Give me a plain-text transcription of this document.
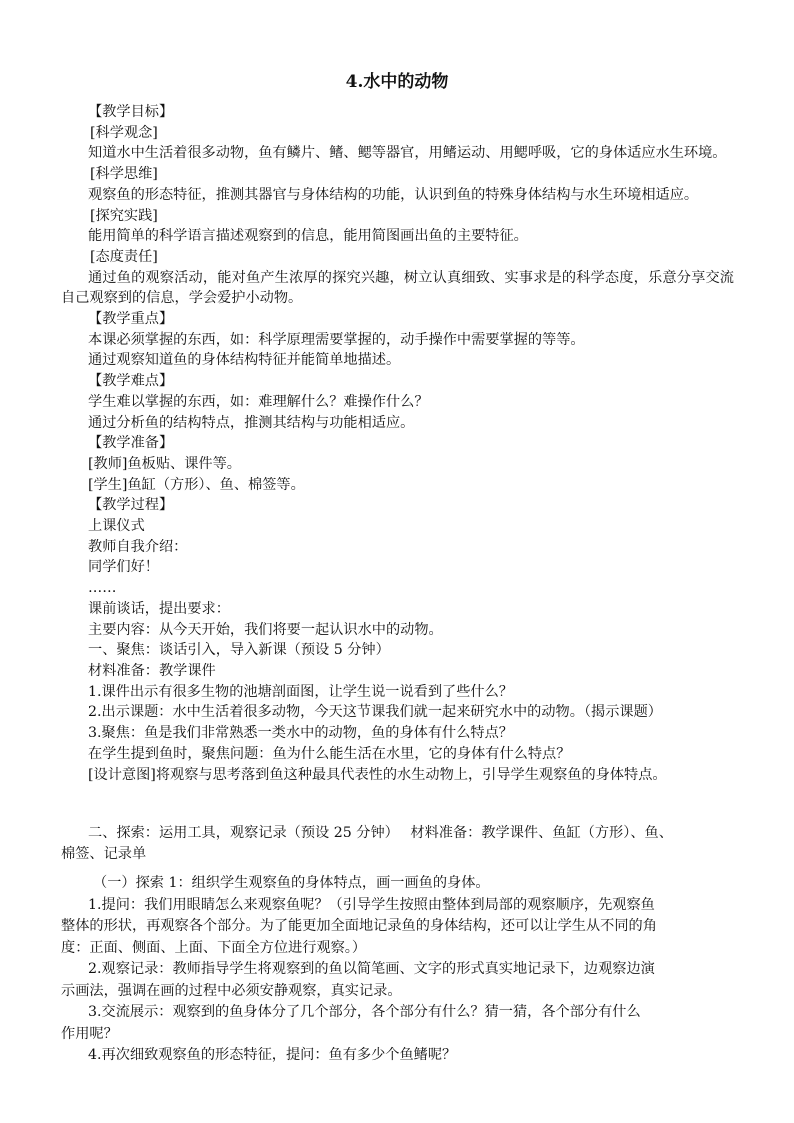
4.水中的动物

【教学目标】

[科学观念]

知道水中生活着很多动物，鱼有鳞片、鳍、鳃等器官，用鳍运动、用鳃呼吸，它的身体适应水生环境。

[科学思维]

观察鱼的形态特征，推测其器官与身体结构的功能，认识到鱼的特殊身体结构与水生环境相适应。

[探究实践]

能用简单的科学语言描述观察到的信息，能用简图画出鱼的主要特征。

[态度责任]

通过鱼的观察活动，能对鱼产生浓厚的探究兴趣，树立认真细致、实事求是的科学态度，乐意分享交流自己观察到的信息，学会爱护小动物。

【教学重点】

本课必须掌握的东西，如：科学原理需要掌握的，动手操作中需要掌握的等等。

通过观察知道鱼的身体结构特征并能简单地描述。

【教学难点】

学生难以掌握的东西，如：难理解什么？难操作什么？

通过分析鱼的结构特点，推测其结构与功能相适应。

【教学准备】

[教师]鱼板贴、课件等。

[学生]鱼缸（方形）、鱼、棉签等。

【教学过程】

上课仪式

教师自我介绍：

同学们好！

……

课前谈话，提出要求：

主要内容：从今天开始，我们将要一起认识水中的动物。

一、聚焦：谈话引入，导入新课（预设 5 分钟）

材料准备：教学课件

1.课件出示有很多生物的池塘剖面图，让学生说一说看到了些什么？

2.出示课题：水中生活着很多动物，今天这节课我们就一起来研究水中的动物。（揭示课题）

3.聚焦：鱼是我们非常熟悉一类水中的动物，鱼的身体有什么特点？

在学生提到鱼时，聚焦问题：鱼为什么能生活在水里，它的身体有什么特点？

[设计意图]将观察与思考落到鱼这种最具代表性的水生动物上，引导学生观察鱼的身体特点。

二、探索：运用工具，观察记录（预设 25 分钟）　 材料准备：教学课件、鱼缸（方形）、鱼、
棉签、记录单
（一）探索 1：组织学生观察鱼的身体特点，画一画鱼的身体。
1.提问：我们用眼睛怎么来观察鱼呢？（引导学生按照由整体到局部的观察顺序，先观察鱼
整体的形状，再观察各个部分。为了能更加全面地记录鱼的身体结构，还可以让学生从不同的角
度：正面、侧面、上面、下面全方位进行观察。）
2.观察记录：教师指导学生将观察到的鱼以简笔画、文字的形式真实地记录下，边观察边演
示画法，强调在画的过程中必须安静观察，真实记录。
3.交流展示：观察到的鱼身体分了几个部分，各个部分有什么？猜一猜，各个部分有什么
作用呢？
4.再次细致观察鱼的形态特征，提问：鱼有多少个鱼鳍呢？
